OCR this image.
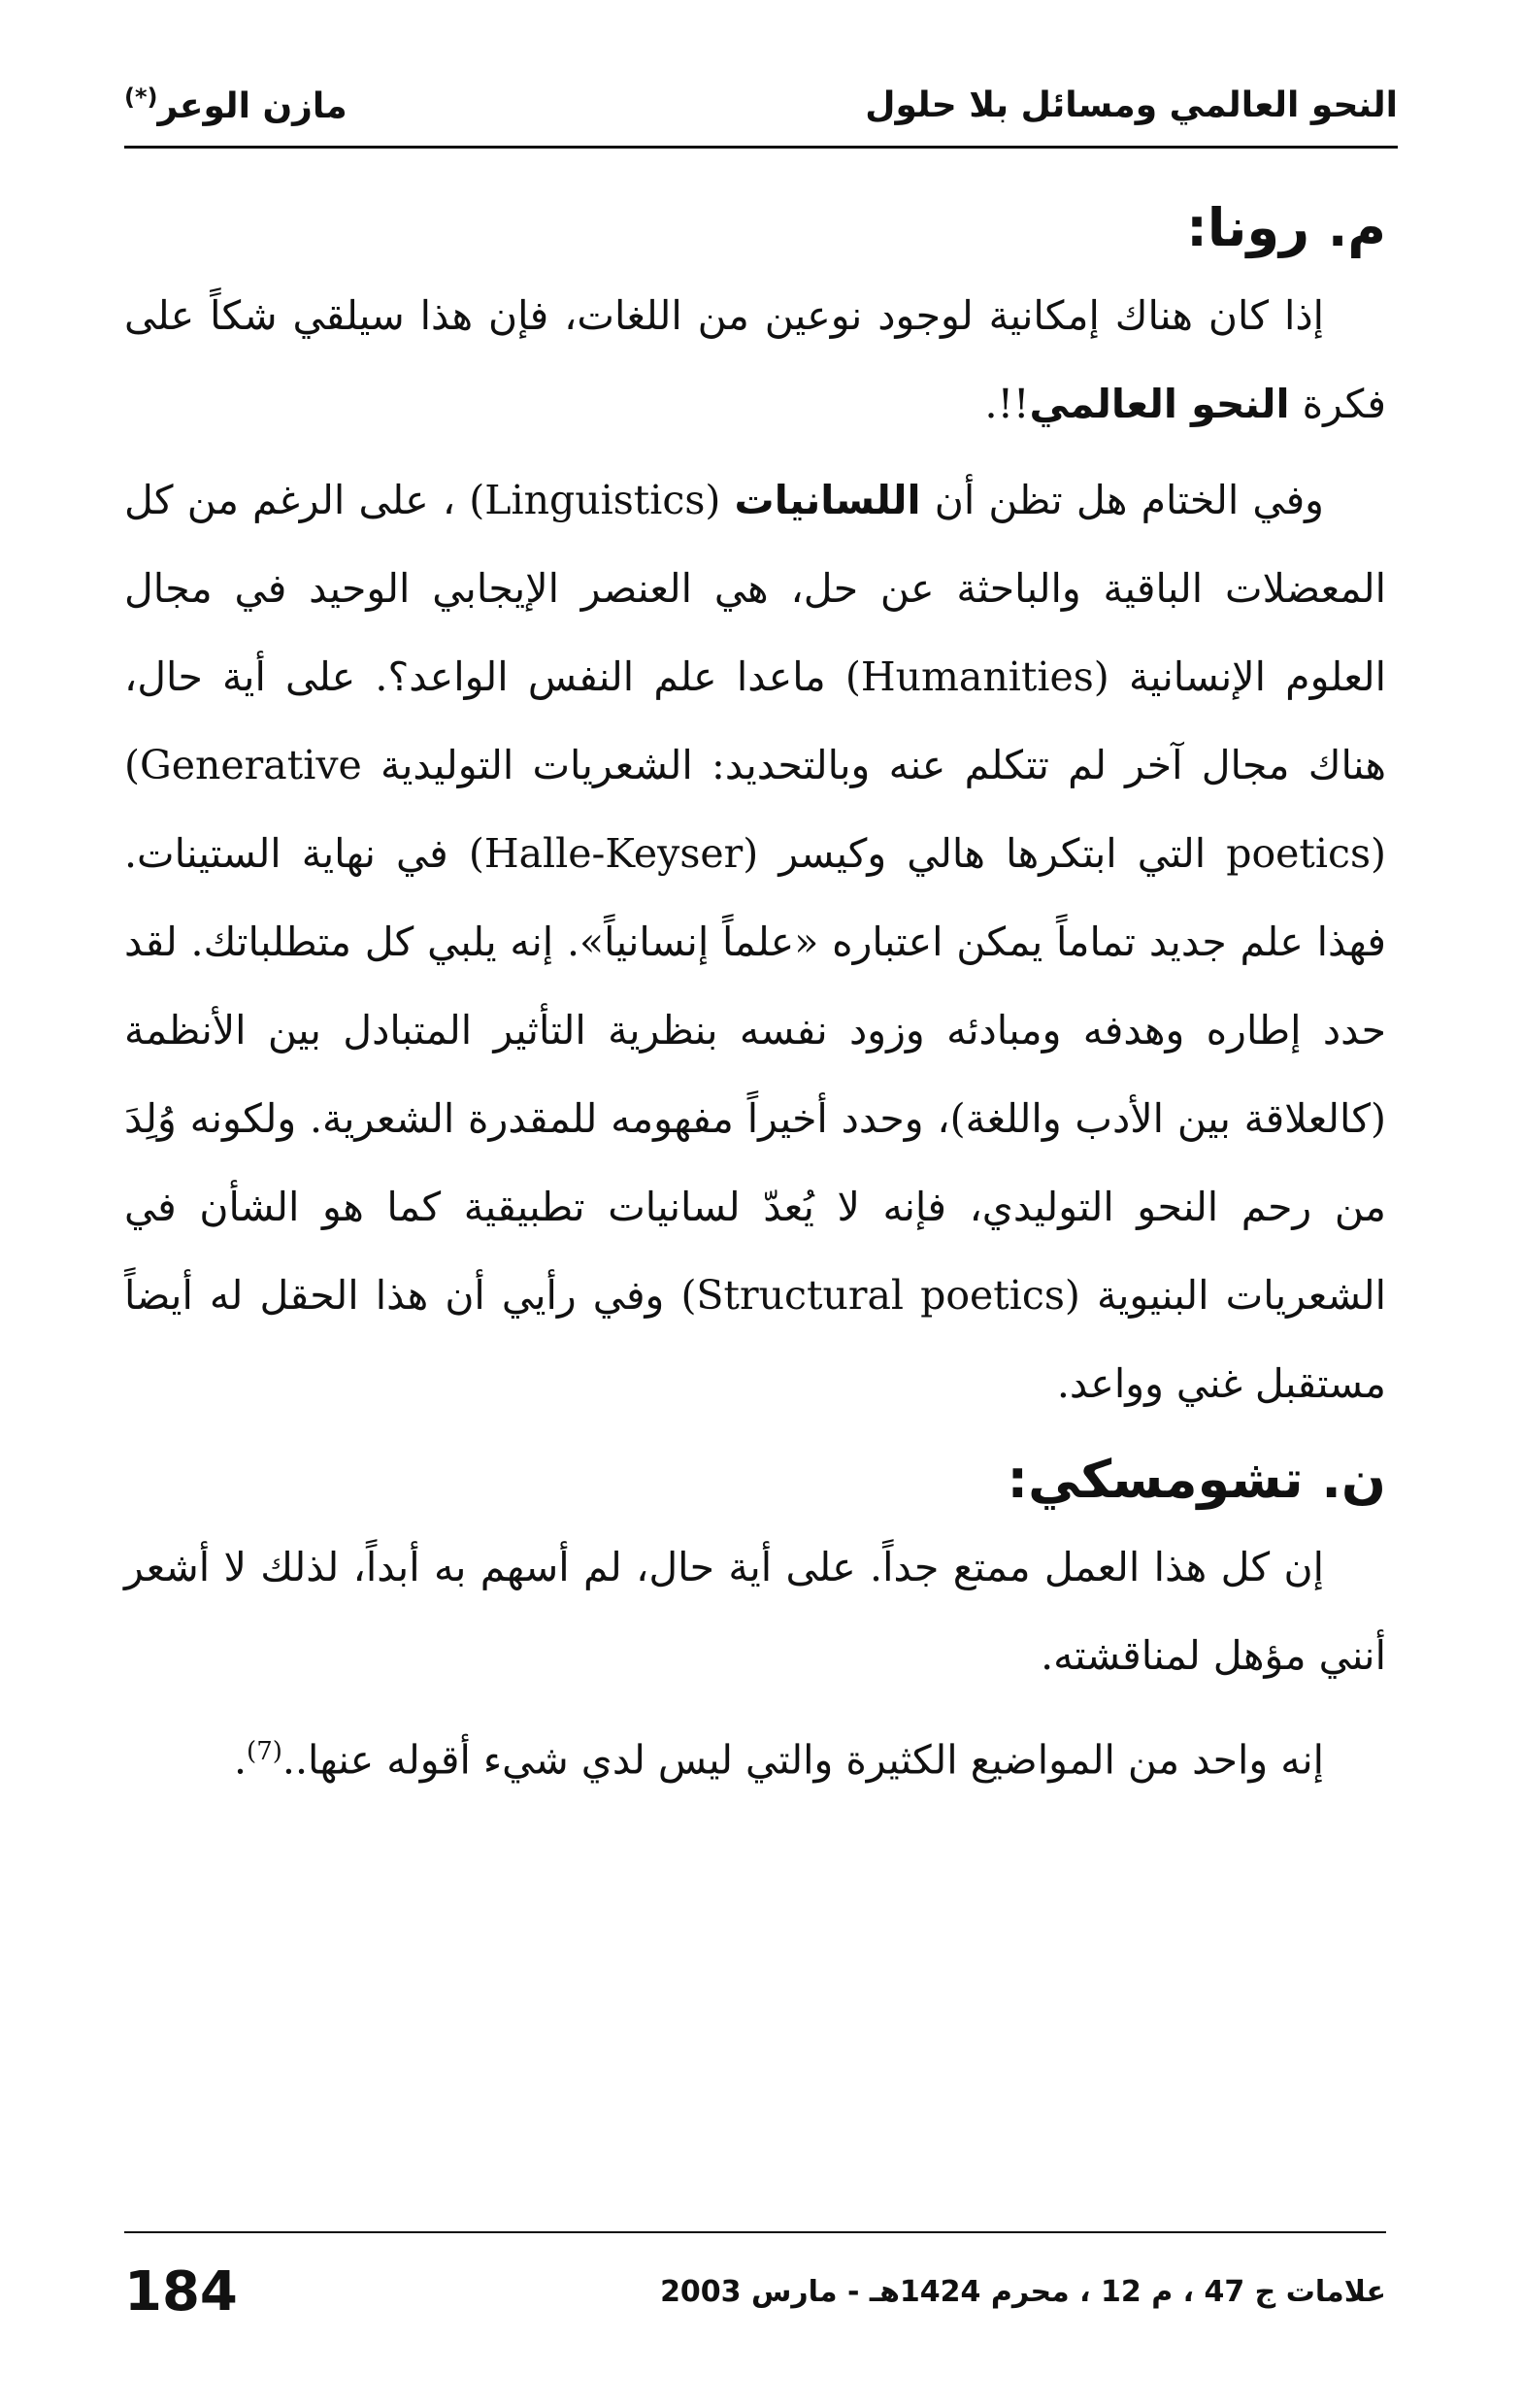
النحو العالمي ومسائل بلا حلول
مازن الوعر(*)
م. رونا:

إذا كان هناك إمكانية لوجود نوعين من اللغات، فإن هذا سيلقي شكاً على فكرة النحو العالمي!!.

وفي الختام هل تظن أن اللسانيات (Linguistics) ، على الرغم من كل المعضلات الباقية والباحثة عن حل، هي العنصر الإيجابي الوحيد في مجال العلوم الإنسانية (Humanities) ماعدا علم النفس الواعد؟. على أية حال، هناك مجال آخر لم تتكلم عنه وبالتحديد: الشعريات التوليدية (Generative poetics) التي ابتكرها هالي وكيسر (Halle-Keyser) في نهاية الستينات. فهذا علم جديد تماماً يمكن اعتباره «علماً إنسانياً». إنه يلبي كل متطلباتك. لقد حدد إطاره وهدفه ومبادئه وزود نفسه بنظرية التأثير المتبادل بين الأنظمة (كالعلاقة بين الأدب واللغة)، وحدد أخيراً مفهومه للمقدرة الشعرية. ولكونه وُلِدَ من رحم النحو التوليدي، فإنه لا يُعدّ لسانيات تطبيقية كما هو الشأن في الشعريات البنيوية (Structural poetics) وفي رأيي أن هذا الحقل له أيضاً مستقبل غني وواعد.

ن. تشومسكي:

إن كل هذا العمل ممتع جداً. على أية حال، لم أسهم به أبداً، لذلك لا أشعر أنني مؤهل لمناقشته.

إنه واحد من المواضيع الكثيرة والتي ليس لدي شيء أقوله عنها..$^{(7)}$.

علامات ج 47 ، م 12 ، محرم 1424هـ - مارس 2003
184
